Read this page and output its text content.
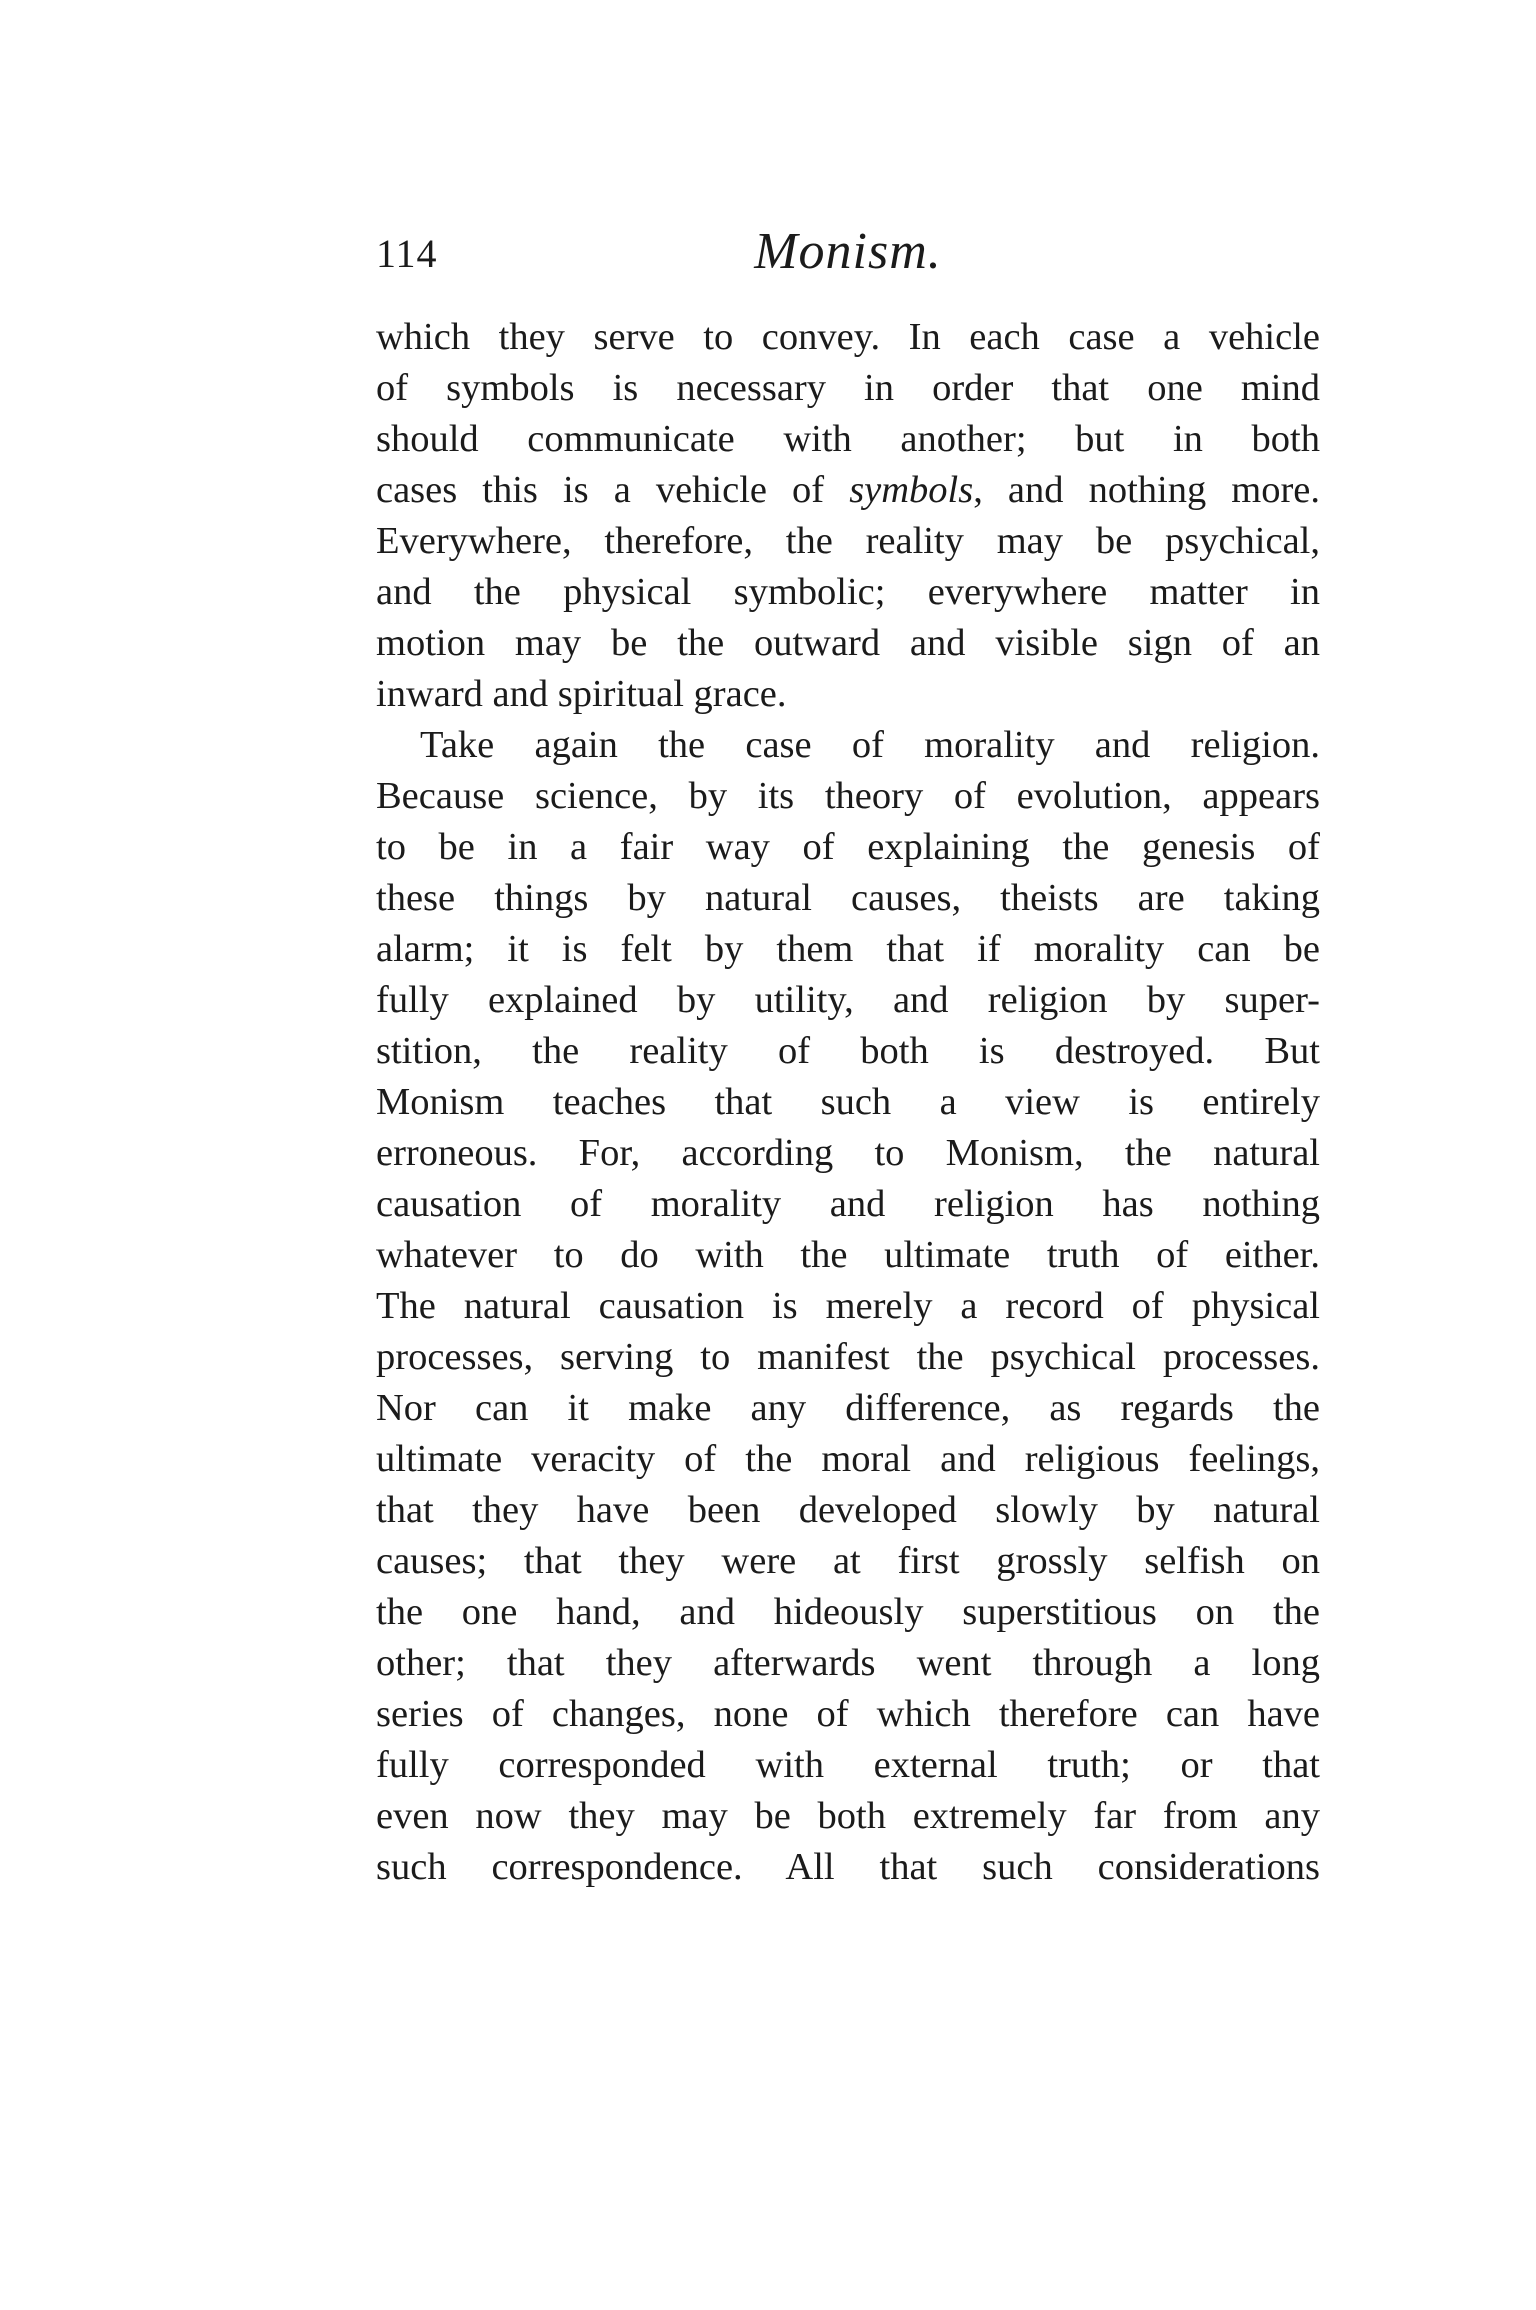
114	Monism.
which they serve to convey. In each case a vehicle
of symbols is necessary in order that one mind
should communicate with another; but in both
cases this is a vehicle of symbols, and nothing more.
Everywhere, therefore, the reality may be psychical,
and the physical symbolic; everywhere matter in
motion may be the outward and visible sign of an
inward and spiritual grace.
Take again the case of morality and religion.
Because science, by its theory of evolution, appears
to be in a fair way of explaining the genesis of
these things by natural causes, theists are taking
alarm; it is felt by them that if morality can be
fully explained by utility, and religion by super-
stition, the reality of both is destroyed. But
Monism teaches that such a view is entirely
erroneous. For, according to Monism, the natural
causation of morality and religion has nothing
whatever to do with the ultimate truth of either.
The natural causation is merely a record of physical
processes, serving to manifest the psychical processes.
Nor can it make any difference, as regards the
ultimate veracity of the moral and religious feelings,
that they have been developed slowly by natural
causes; that they were at first grossly selfish on
the one hand, and hideously superstitious on the
other; that they afterwards went through a long
series of changes, none of which therefore can have
fully corresponded with external truth; or that
even now they may be both extremely far from any
such correspondence. All that such considerations
